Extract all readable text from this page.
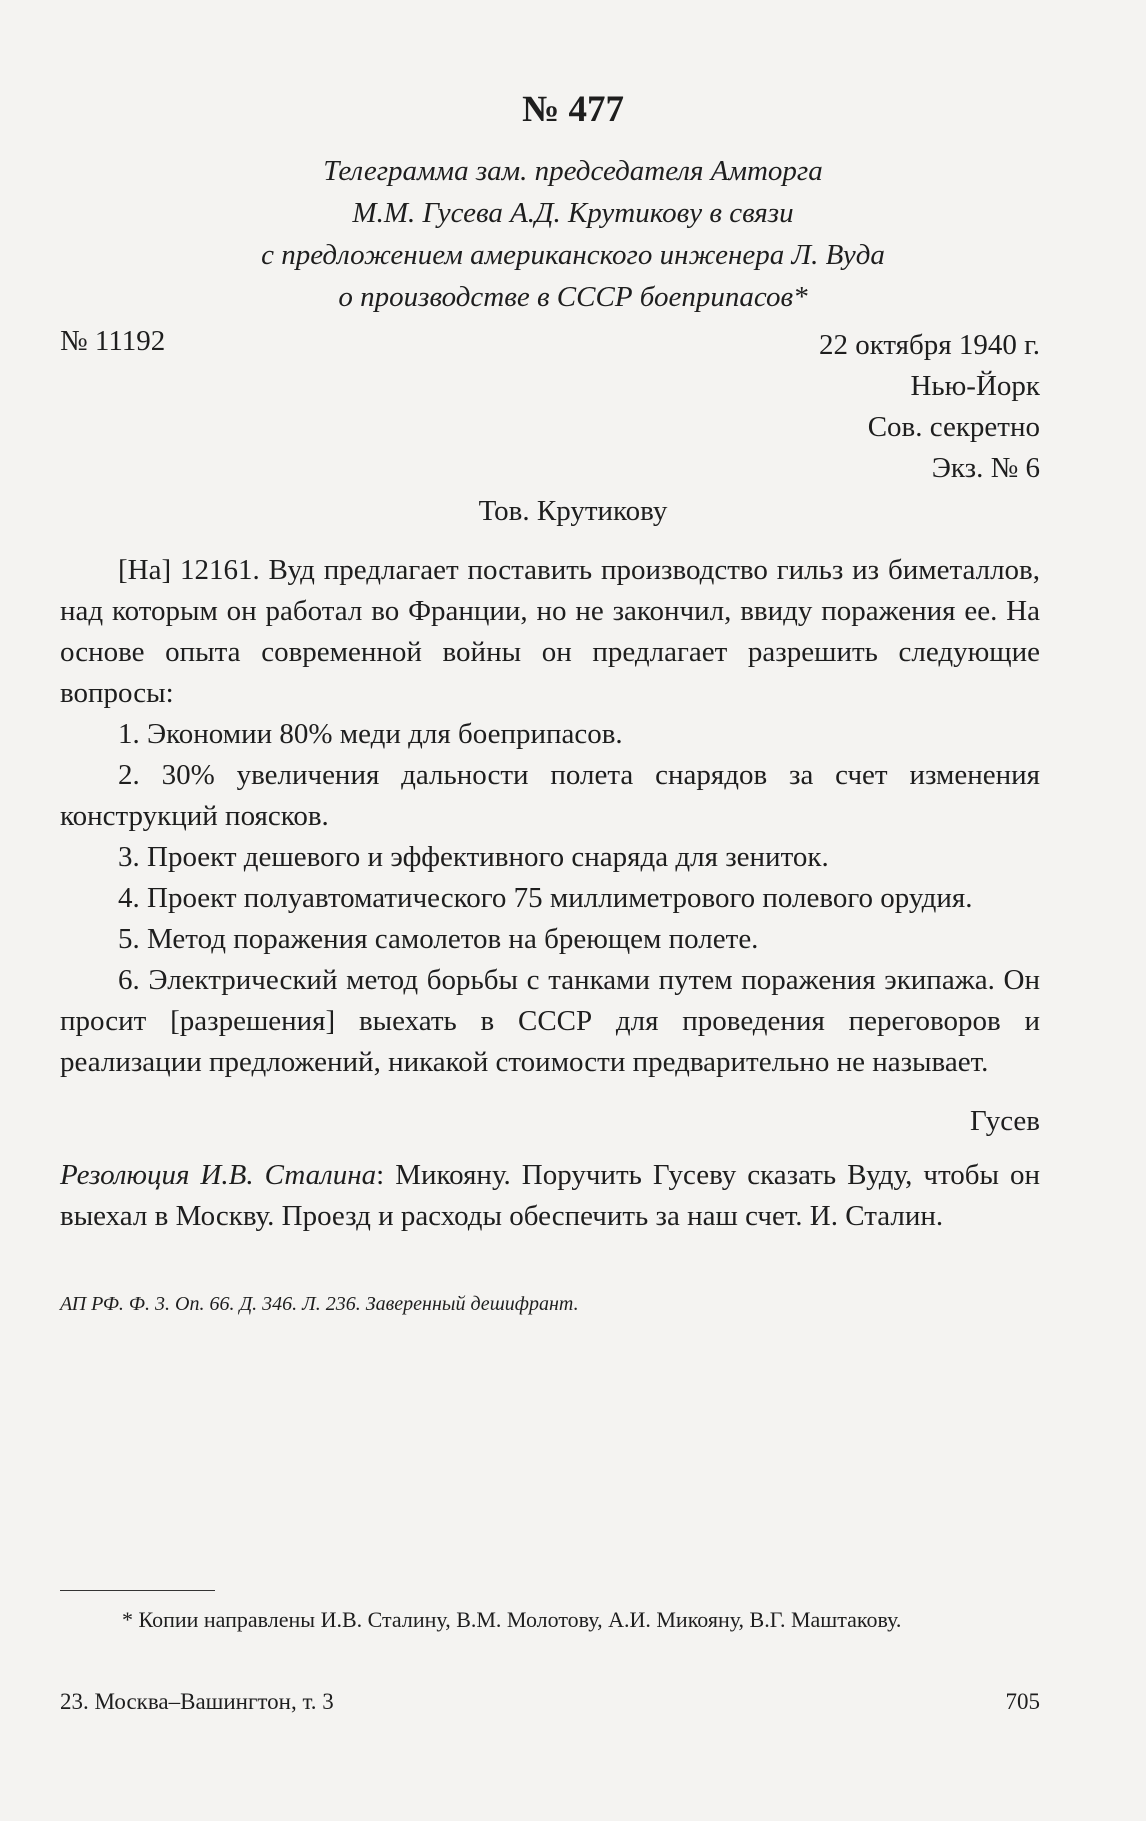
№ 477
Телеграмма зам. председателя Амторга
М.М. Гусева А.Д. Крутикову в связи
с предложением американского инженера Л. Вуда
о производстве в СССР боеприпасов*
№ 11192	22 октября 1940 г.
Нью-Йорк
Сов. секретно
Экз. № 6
Тов. Крутикову

[На] 12161. Вуд предлагает поставить производство гильз из биметаллов, над которым он работал во Франции, но не закончил, ввиду поражения ее. На основе опыта современной войны он предлагает разрешить следующие вопросы:

1. Экономии 80% меди для боеприпасов.

2. 30% увеличения дальности полета снарядов за счет изменения конструкций поясков.

3. Проект дешевого и эффективного снаряда для зениток.

4. Проект полуавтоматического 75 миллиметрового полевого орудия.

5. Метод поражения самолетов на бреющем полете.

6. Электрический метод борьбы с танками путем поражения экипажа. Он просит [разрешения] выехать в СССР для проведения переговоров и реализации предложений, никакой стоимости предварительно не называет.

Гусев
Резолюция И.В. Сталина: Микояну. Поручить Гусеву сказать Вуду, чтобы он выехал в Москву. Проезд и расходы обеспечить за наш счет. И. Сталин.
АП РФ. Ф. 3. Оп. 66. Д. 346. Л. 236. Заверенный дешифрант.
* Копии направлены И.В. Сталину, В.М. Молотову, А.И. Микояну, В.Г. Маштакову.
23. Москва–Вашингтон, т. 3	705
